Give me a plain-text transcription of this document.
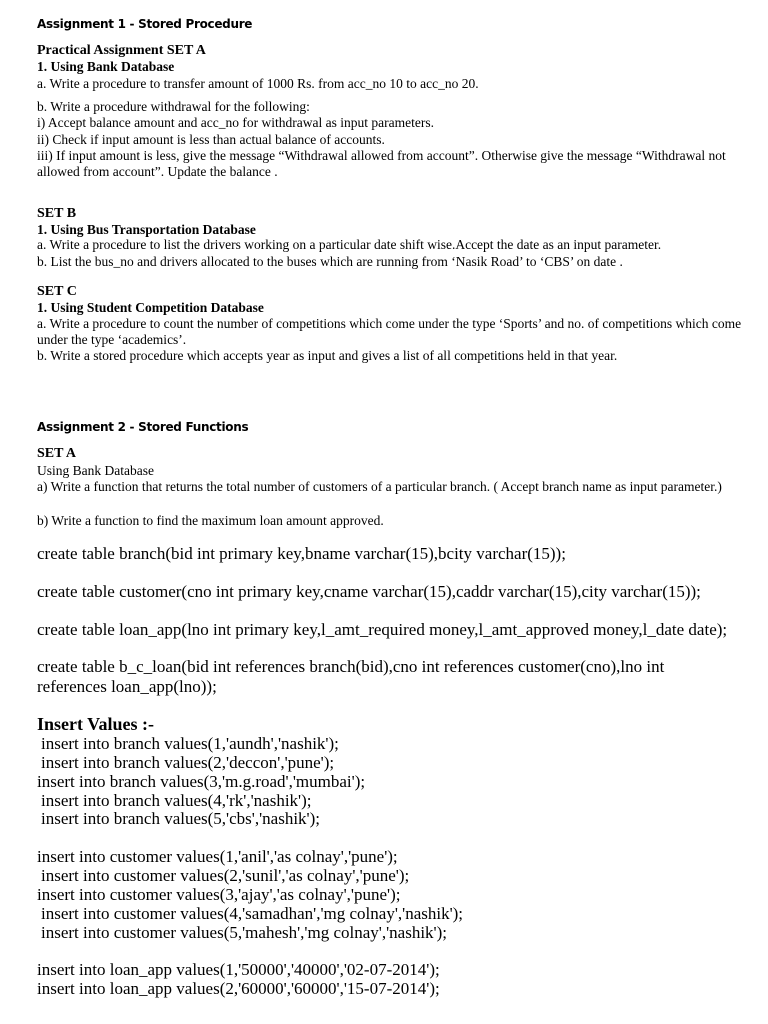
Assignment 1 - Stored Procedure
Practical Assignment SET A
1. Using Bank Database
a. Write a procedure to transfer amount of 1000 Rs. from acc_no 10 to acc_no 20.
b. Write a procedure withdrawal for the following:
i) Accept balance amount and acc_no for withdrawal as input parameters.
ii) Check if input amount is less than actual balance of accounts.
iii) If input amount is less, give the message “Withdrawal allowed from account”. Otherwise give the message “Withdrawal not allowed from account”. Update the balance .
SET B
1. Using Bus Transportation Database
a. Write a procedure to list the drivers working on a particular date shift wise.Accept the date as an input parameter.
b. List the bus_no and drivers allocated to the buses which are running from ‘Nasik Road’ to ‘CBS’ on date .
SET C
1. Using Student Competition Database
a. Write a procedure to count the number of competitions which come under the type ‘Sports’ and no. of competitions which come under the type ‘academics’.
b. Write a stored procedure which accepts year as input and gives a list of all competitions held in that year.
Assignment 2 - Stored Functions
SET A
Using Bank Database
a) Write a function that returns the total number of customers of a particular branch. ( Accept branch name as input parameter.)
b) Write a function to find the maximum loan amount approved.
create table branch(bid int primary key,bname varchar(15),bcity varchar(15));
create table customer(cno int primary key,cname varchar(15),caddr varchar(15),city varchar(15));
create table loan_app(lno int primary key,l_amt_required money,l_amt_approved money,l_date date);
create table b_c_loan(bid int references branch(bid),cno int references customer(cno),lno int references loan_app(lno));
Insert Values :-
insert into branch values(1,'aundh','nashik');
insert into branch values(2,'deccon','pune');
insert into branch values(3,'m.g.road','mumbai');
insert into branch values(4,'rk','nashik');
insert into branch values(5,'cbs','nashik');
insert into customer values(1,'anil','as colnay','pune');
insert into customer values(2,'sunil','as colnay','pune');
insert into customer values(3,'ajay','as colnay','pune');
insert into customer values(4,'samadhan','mg colnay','nashik');
insert into customer values(5,'mahesh','mg colnay','nashik');
insert into loan_app values(1,'50000','40000','02-07-2014');
insert into loan_app values(2,'60000','60000','15-07-2014');
